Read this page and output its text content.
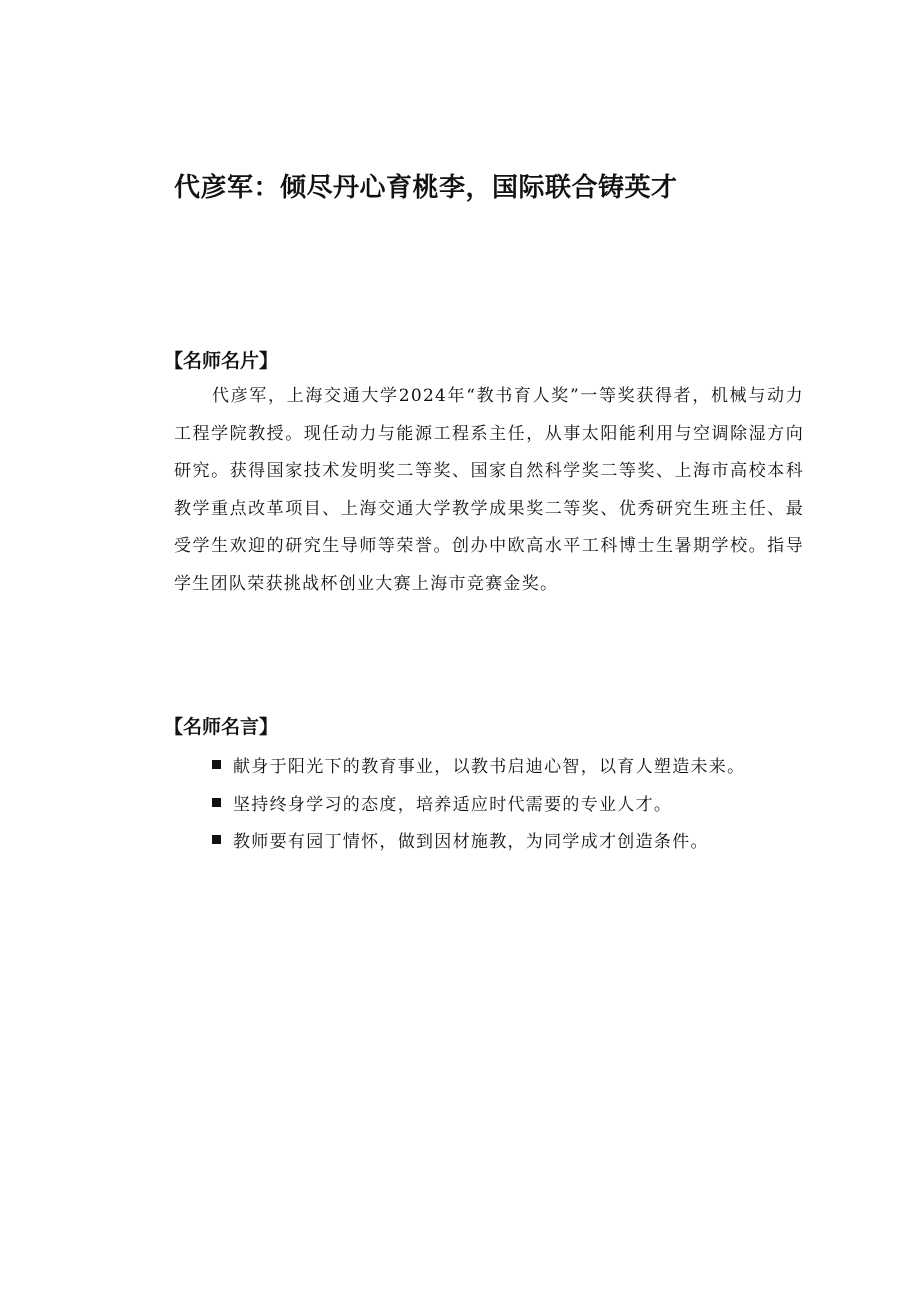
代彦军：倾尽丹心育桃李，国际联合铸英才
【名师名片】

代彦军，上海交通大学2024年“教书育人奖”一等奖获得者，机械与动力工程学院教授。现任动力与能源工程系主任，从事太阳能利用与空调除湿方向研究。获得国家技术发明奖二等奖、国家自然科学奖二等奖、上海市高校本科教学重点改革项目、上海交通大学教学成果奖二等奖、优秀研究生班主任、最受学生欢迎的研究生导师等荣誉。创办中欧高水平工科博士生暑期学校。指导学生团队荣获挑战杯创业大赛上海市竞赛金奖。

【名师名言】
献身于阳光下的教育事业，以教书启迪心智，以育人塑造未来。
坚持终身学习的态度，培养适应时代需要的专业人才。
教师要有园丁情怀，做到因材施教，为同学成才创造条件。
